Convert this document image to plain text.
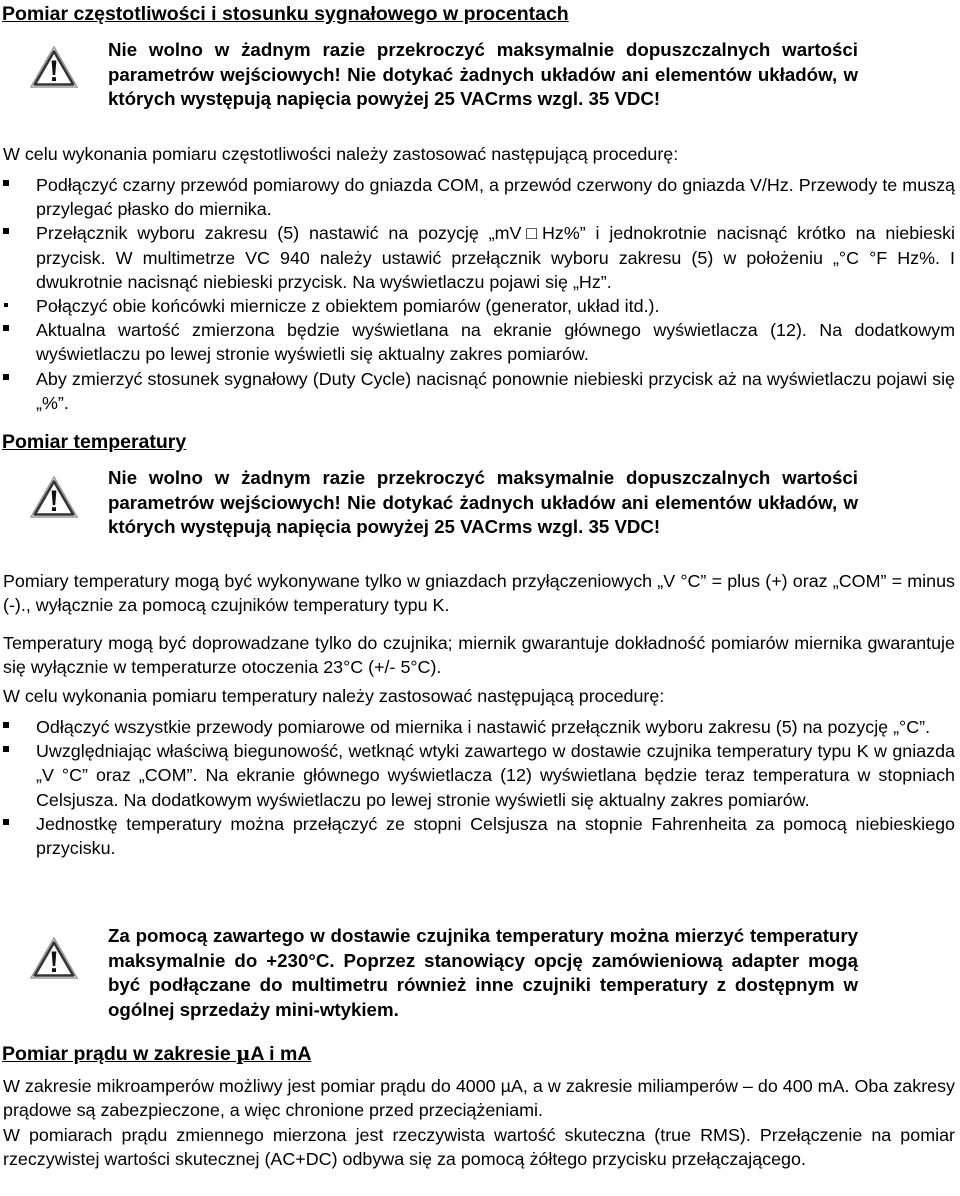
Pomiar częstotliwości i stosunku sygnałowego w procentach

Nie wolno w żadnym razie przekroczyć maksymalnie dopuszczalnych wartości parametrów wejściowych! Nie dotykać żadnych układów ani elementów układów, w których występują napięcia powyżej 25 VACrms wzgl. 35 VDC!

W celu wykonania pomiaru częstotliwości należy zastosować następującą procedurę:

Podłączyć czarny przewód pomiarowy do gniazda COM, a przewód czerwony do gniazda V/Hz. Przewody te muszą przylegać płasko do miernika.
Przełącznik wyboru zakresu (5) nastawić na pozycję „mV□Hz%” i jednokrotnie nacisnąć krótko na niebieski przycisk. W multimetrze VC 940 należy ustawić przełącznik wyboru zakresu (5) w położeniu „°C °F Hz%. I dwukrotnie nacisnąć niebieski przycisk. Na wyświetlaczu pojawi się „Hz”.
Połączyć obie końcówki miernicze z obiektem pomiarów (generator, układ itd.).
Aktualna wartość zmierzona będzie wyświetlana na ekranie głównego wyświetlacza (12). Na dodatkowym wyświetlaczu po lewej stronie wyświetli się aktualny zakres pomiarów.
Aby zmierzyć stosunek sygnałowy (Duty Cycle) nacisnąć ponownie niebieski przycisk aż na wyświetlaczu pojawi się „%”.
Pomiar temperatury

Nie wolno w żadnym razie przekroczyć maksymalnie dopuszczalnych wartości parametrów wejściowych! Nie dotykać żadnych układów ani elementów układów, w których występują napięcia powyżej 25 VACrms wzgl. 35 VDC!

Pomiary temperatury mogą być wykonywane tylko w gniazdach przyłączeniowych „V °C” = plus (+) oraz „COM” = minus (-)., wyłącznie za pomocą czujników temperatury typu K.

Temperatury mogą być doprowadzane tylko do czujnika; miernik gwarantuje dokładność pomiarów miernika gwarantuje się wyłącznie w temperaturze otoczenia 23°C (+/- 5°C).

W celu wykonania pomiaru temperatury należy zastosować następującą procedurę:

Odłączyć wszystkie przewody pomiarowe od miernika i nastawić przełącznik wyboru zakresu (5) na pozycję „°C”.
Uwzględniając właściwą biegunowość, wetknąć wtyki zawartego w dostawie czujnika temperatury typu K w gniazda „V °C” oraz „COM”. Na ekranie głównego wyświetlacza (12) wyświetlana będzie teraz temperatura w stopniach Celsjusza. Na dodatkowym wyświetlaczu po lewej stronie wyświetli się aktualny zakres pomiarów.
Jednostkę temperatury można przełączyć ze stopni Celsjusza na stopnie Fahrenheita za pomocą niebieskiego przycisku.

Za pomocą zawartego w dostawie czujnika temperatury można mierzyć temperatury maksymalnie do +230°C. Poprzez stanowiący opcję zamówieniową adapter mogą być podłączane do multimetru również inne czujniki temperatury z dostępnym w ogólnej sprzedaży mini-wtykiem.

Pomiar prądu w zakresie µA i mA

W zakresie mikroamperów możliwy jest pomiar prądu do 4000 µA, a w zakresie miliamperów – do 400 mA. Oba zakresy prądowe są zabezpieczone, a więc chronione przed przeciążeniami.

W pomiarach prądu zmiennego mierzona jest rzeczywista wartość skuteczna (true RMS). Przełączenie na pomiar rzeczywistej wartości skutecznej (AC+DC) odbywa się za pomocą żółtego przycisku przełączającego.
